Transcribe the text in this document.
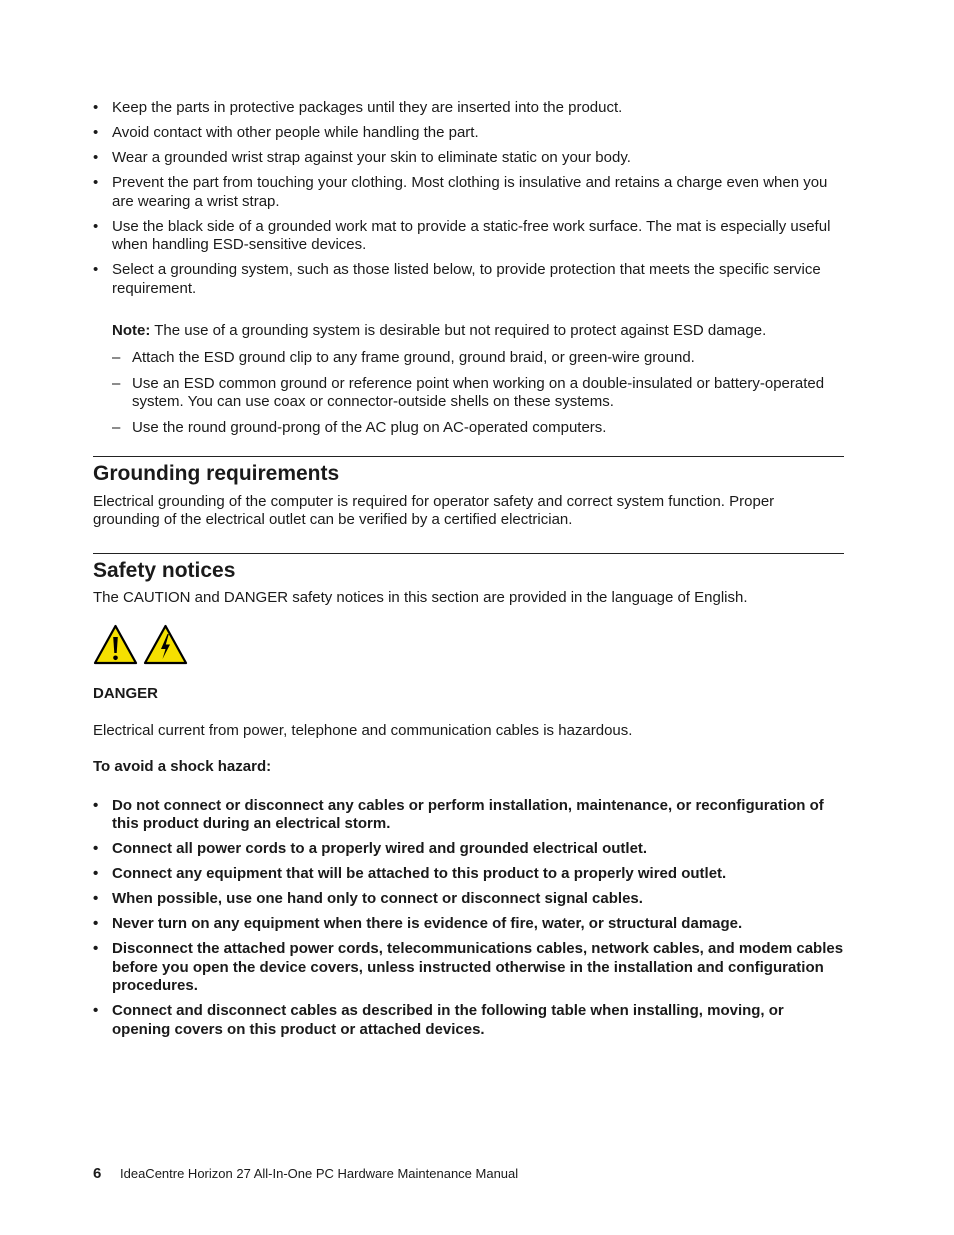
• Keep the parts in protective packages until they are inserted into the product.
• Avoid contact with other people while handling the part.
• Wear a grounded wrist strap against your skin to eliminate static on your body.
• Prevent the part from touching your clothing. Most clothing is insulative and retains a charge even when you are wearing a wrist strap.
• Use the black side of a grounded work mat to provide a static-free work surface. The mat is especially useful when handling ESD-sensitive devices.
• Select a grounding system, such as those listed below, to provide protection that meets the specific service requirement.
Note: The use of a grounding system is desirable but not required to protect against ESD damage.
– Attach the ESD ground clip to any frame ground, ground braid, or green-wire ground.
– Use an ESD common ground or reference point when working on a double-insulated or battery-operated system. You can use coax or connector-outside shells on these systems.
– Use the round ground-prong of the AC plug on AC-operated computers.
Grounding requirements

Electrical grounding of the computer is required for operator safety and correct system function. Proper grounding of the electrical outlet can be verified by a certified electrician.

Safety notices

The CAUTION and DANGER safety notices in this section are provided in the language of English.

DANGER

Electrical current from power, telephone and communication cables is hazardous.

To avoid a shock hazard:

• Do not connect or disconnect any cables or perform installation, maintenance, or reconfiguration of this product during an electrical storm.
• Connect all power cords to a properly wired and grounded electrical outlet.
• Connect any equipment that will be attached to this product to a properly wired outlet.
• When possible, use one hand only to connect or disconnect signal cables.
• Never turn on any equipment when there is evidence of fire, water, or structural damage.
• Disconnect the attached power cords, telecommunications cables, network cables, and modem cables before you open the device covers, unless instructed otherwise in the installation and configuration procedures.
• Connect and disconnect cables as described in the following table when installing, moving, or opening covers on this product or attached devices.
6	IdeaCentre Horizon 27 All-In-One PC Hardware Maintenance Manual
